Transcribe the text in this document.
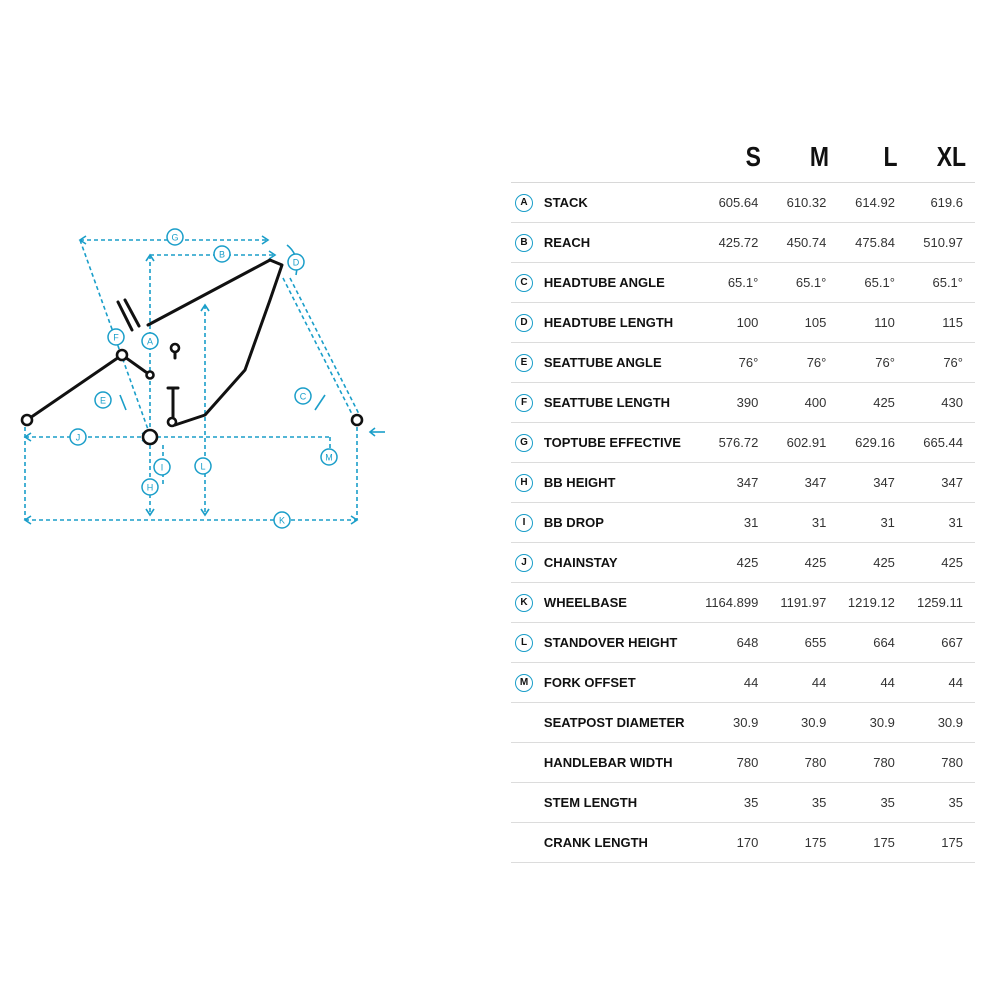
G
B
D
F	A
E	C
J
M
I
H
L
K
		S	M	L	XL
A	STACK	605.64	610.32	614.92	619.6
B	REACH	425.72	450.74	475.84	510.97
C	HEADTUBE ANGLE	65.1°	65.1°	65.1°	65.1°
D	HEADTUBE LENGTH	100	105	110	115
E	SEATTUBE ANGLE	76°	76°	76°	76°
F	SEATTUBE LENGTH	390	400	425	430
G	TOPTUBE EFFECTIVE	576.72	602.91	629.16	665.44
H	BB HEIGHT	347	347	347	347
I	BB DROP	31	31	31	31
J	CHAINSTAY	425	425	425	425
K	WHEELBASE	1164.899	1191.97	1219.12	1259.11
L	STANDOVER HEIGHT	648	655	664	667
M	FORK OFFSET	44	44	44	44
	SEATPOST DIAMETER	30.9	30.9	30.9	30.9
	HANDLEBAR WIDTH	780	780	780	780
	STEM LENGTH	35	35	35	35
	CRANK LENGTH	170	175	175	175
